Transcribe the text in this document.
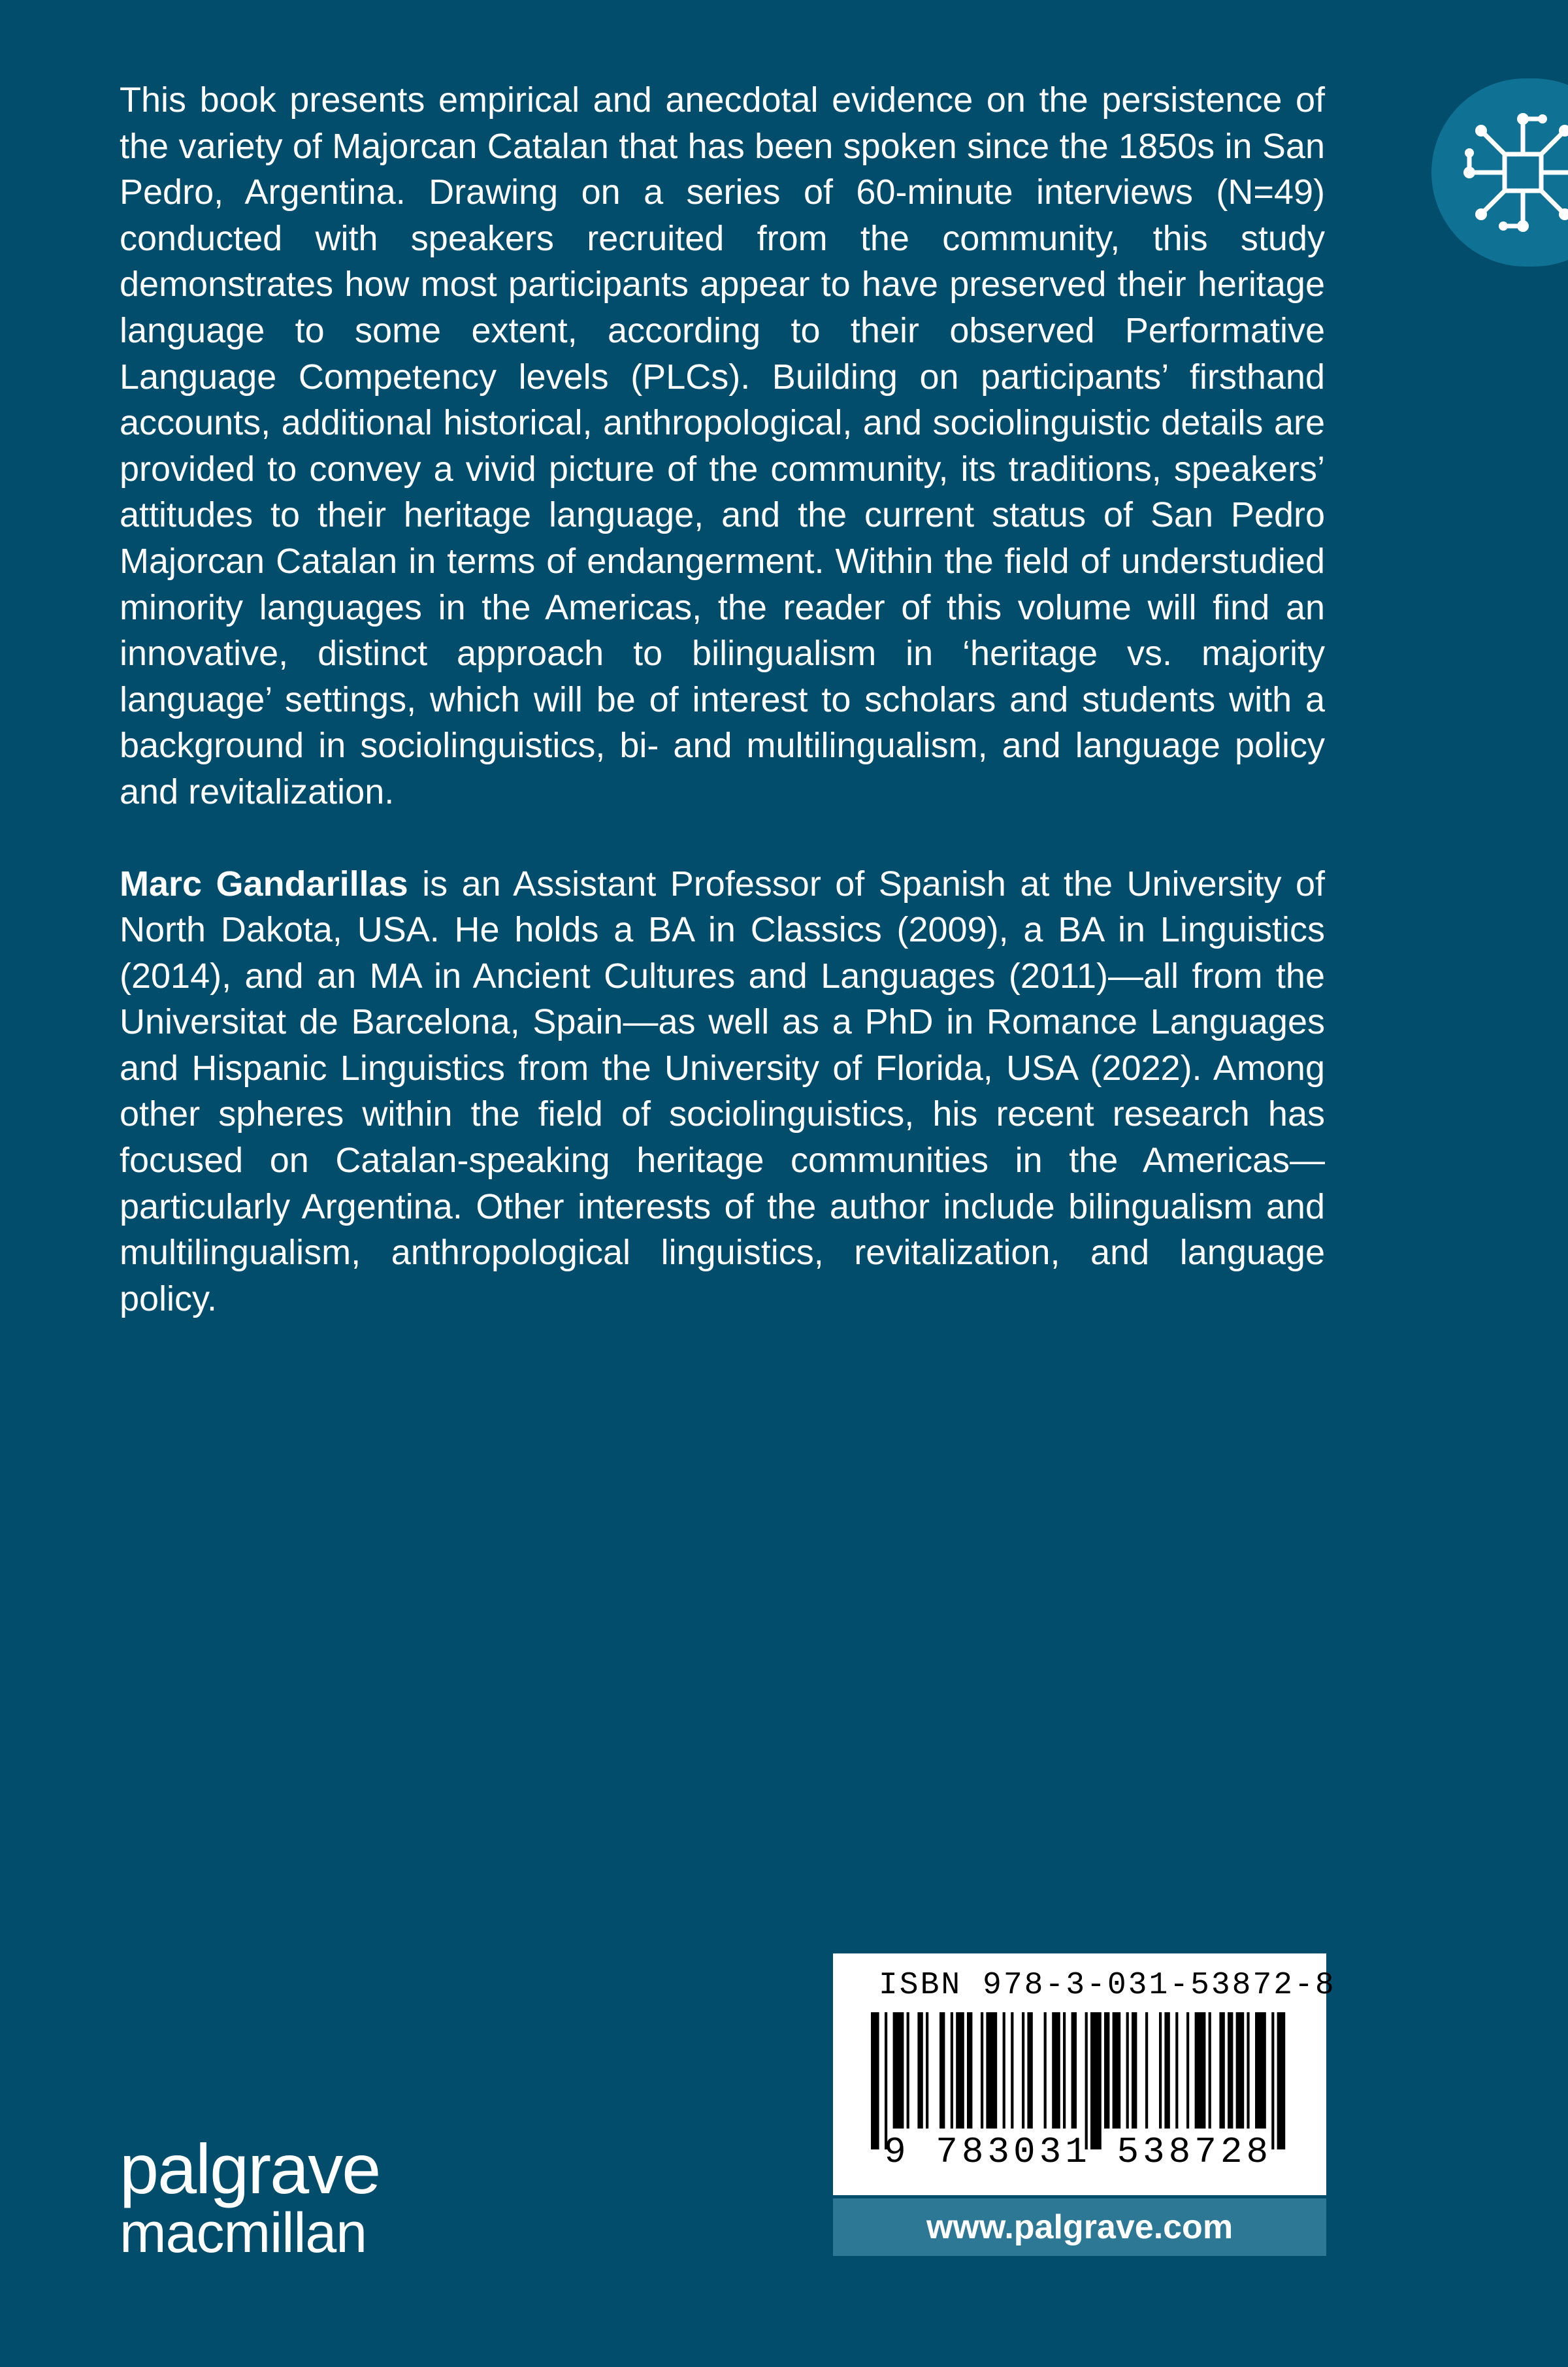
This book presents empirical and anecdotal evidence on the persistence of the variety of Majorcan Catalan that has been spoken since the 1850s in San Pedro, Argentina. Drawing on a series of 60-minute interviews (N=49) conducted with speakers recruited from the community, this study demonstrates how most participants appear to have preserved their heritage language to some extent, according to their observed Performative Language Competency levels (PLCs). Building on participants’ firsthand accounts, additional historical, anthropological, and sociolinguistic details are provided to convey a vivid picture of the community, its traditions, speakers’ attitudes to their heritage language, and the current status of San Pedro Majorcan Catalan in terms of endangerment. Within the field of understudied minority languages in the Americas, the reader of this volume will find an innovative, distinct approach to bilingualism in ‘heritage vs. majority language’ settings, which will be of interest to scholars and students with a background in sociolinguistics, bi- and multilingualism, and language policy and revitalization.

Marc Gandarillas is an Assistant Professor of Spanish at the University of North Dakota, USA. He holds a BA in Classics (2009), a BA in Linguistics (2014), and an MA in Ancient Cultures and Languages (2011)—all from the Universitat de Barcelona, Spain—as well as a PhD in Romance Languages and Hispanic Linguistics from the University of Florida, USA (2022). Among other spheres within the field of sociolinguistics, his recent research has focused on Catalan-speaking heritage communities in the Americas—particularly Argentina. Other interests of the author include bilingualism and multilingualism, anthropological linguistics, revitalization, and language policy.

palgrave
macmillan
ISBN 978-3-031-53872-8
9 783031 538728
www.palgrave.com
